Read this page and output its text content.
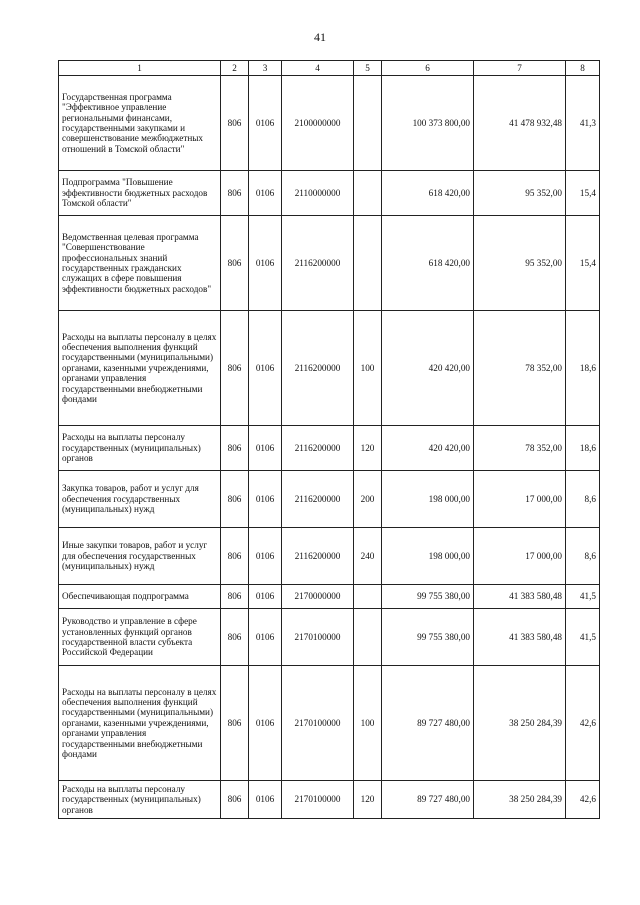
41
1	2	3	4	5	6	7	8
Государственная программа "Эффективное управление региональными финансами, государственными закупками и совершенствование межбюджетных отношений в Томской области"	806	0106	2100000000		100 373 800,00	41 478 932,48	41,3
Подпрограмма "Повышение эффективности бюджетных расходов Томской области"	806	0106	2110000000		618 420,00	95 352,00	15,4
Ведомственная целевая программа "Совершенствование профессиональных знаний государственных гражданских служащих в сфере повышения эффективности бюджетных расходов"	806	0106	2116200000		618 420,00	95 352,00	15,4
Расходы на выплаты персоналу в целях обеспечения выполнения функций государственными (муниципальными) органами, казенными учреждениями, органами управления государственными внебюджетными фондами	806	0106	2116200000	100	420 420,00	78 352,00	18,6
Расходы на выплаты персоналу государственных (муниципальных) органов	806	0106	2116200000	120	420 420,00	78 352,00	18,6
Закупка товаров, работ и услуг для обеспечения государственных (муниципальных) нужд	806	0106	2116200000	200	198 000,00	17 000,00	8,6
Иные закупки товаров, работ и услуг для обеспечения государственных (муниципальных) нужд	806	0106	2116200000	240	198 000,00	17 000,00	8,6
Обеспечивающая подпрограмма	806	0106	2170000000		99 755 380,00	41 383 580,48	41,5
Руководство и управление в сфере установленных функций органов государственной власти субъекта Российской Федерации	806	0106	2170100000		99 755 380,00	41 383 580,48	41,5
Расходы на выплаты персоналу в целях обеспечения выполнения функций государственными (муниципальными) органами, казенными учреждениями, органами управления государственными внебюджетными фондами	806	0106	2170100000	100	89 727 480,00	38 250 284,39	42,6
Расходы на выплаты персоналу государственных (муниципальных) органов	806	0106	2170100000	120	89 727 480,00	38 250 284,39	42,6
